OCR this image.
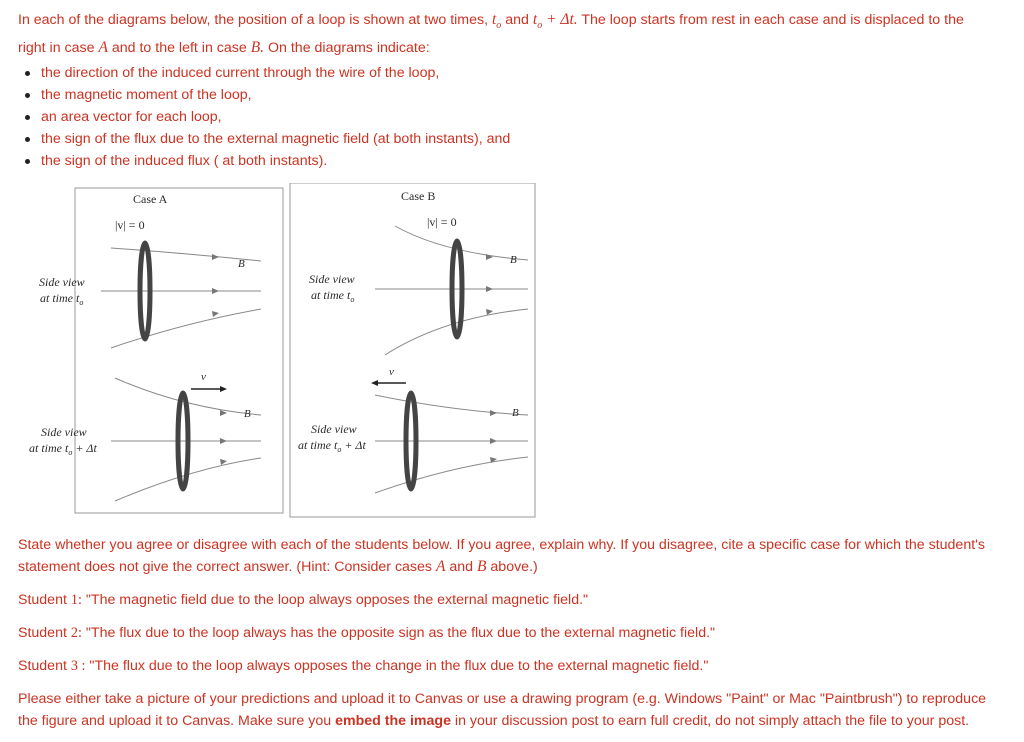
In each of the diagrams below, the position of a loop is shown at two times, $t_o$ and $t_o + \Delta t$. The loop starts from rest in each case and is displaced to the
right in case A and to the left in case B. On the diagrams indicate:
the direction of the induced current through the wire of the loop,
the magnetic moment of the loop,
an area vector for each loop,
the sign of the flux due to the external magnetic field (at both instants), and
the sign of the induced flux ( at both instants).
Case A	Case B
|v| = 0	|v| = 0
B
B
v
Side view
at time $t_o$
Side view
at time $t_o + \Delta t$
B
B
v
Side view
at time $t_o$
Side view
at time $t_o + \Delta t$
State whether you agree or disagree with each of the students below. If you agree, explain why. If you disagree, cite a specific case for which the student's
statement does not give the correct answer. (Hint: Consider cases A and B above.)
Student 1: "The magnetic field due to the loop always opposes the external magnetic field."
Student 2: "The flux due to the loop always has the opposite sign as the flux due to the external magnetic field."
Student 3 : "The flux due to the loop always opposes the change in the flux due to the external magnetic field."
Please either take a picture of your predictions and upload it to Canvas or use a drawing program (e.g. Windows "Paint" or Mac "Paintbrush") to reproduce
the figure and upload it to Canvas. Make sure you embed the image in your discussion post to earn full credit, do not simply attach the file to your post.
